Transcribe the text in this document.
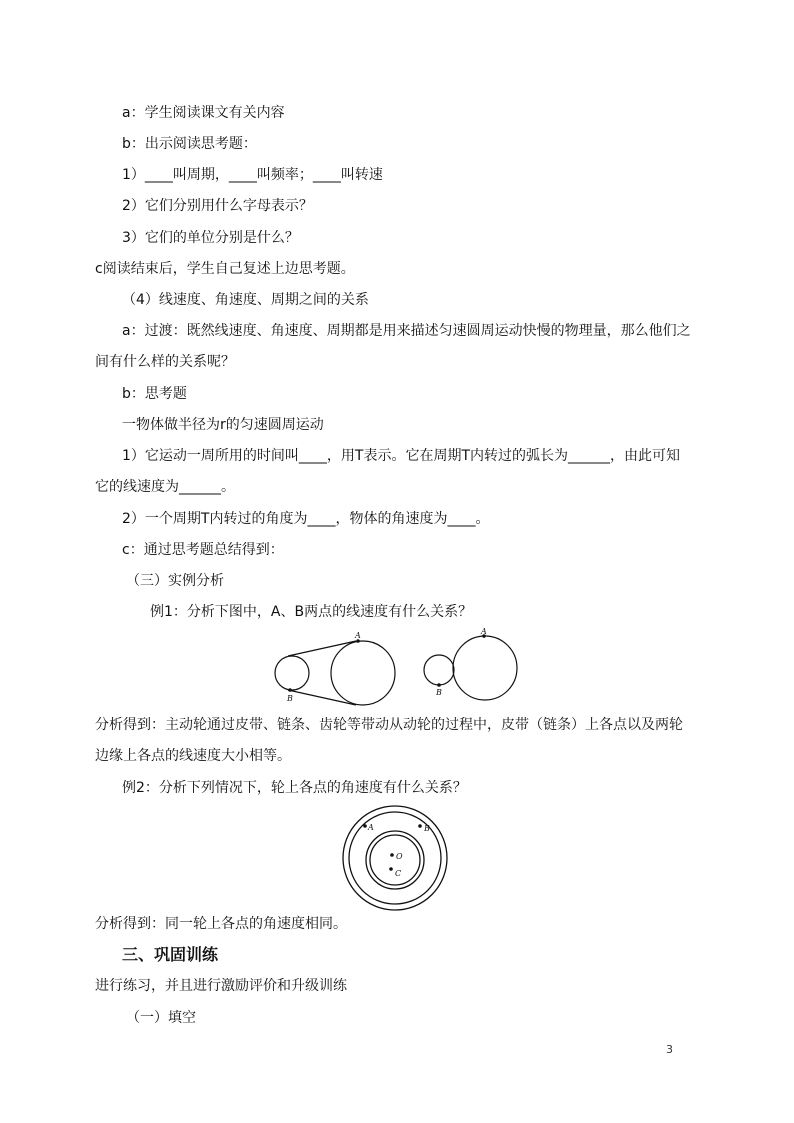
a：学生阅读课文有关内容
b：出示阅读思考题：
1）____叫周期，____叫频率；____叫转速
2）它们分别用什么字母表示？
3）它们的单位分别是什么？
c阅读结束后，学生自己复述上边思考题。
（4）线速度、角速度、周期之间的关系
a：过渡：既然线速度、角速度、周期都是用来描述匀速圆周运动快慢的物理量，那么他们之
间有什么样的关系呢？
b：思考题
一物体做半径为r的匀速圆周运动
1）它运动一周所用的时间叫____，用T表示。它在周期T内转过的弧长为______，由此可知
它的线速度为______。
2）一个周期T内转过的角度为____，物体的角速度为____。
c：通过思考题总结得到：
（三）实例分析
例1：分析下图中，A、B两点的线速度有什么关系？
A
B
A
B
分析得到：主动轮通过皮带、链条、齿轮等带动从动轮的过程中，皮带（链条）上各点以及两轮
边缘上各点的线速度大小相等。
例2：分析下列情况下，轮上各点的角速度有什么关系？
A	B
O
C
分析得到：同一轮上各点的角速度相同。
三、巩固训练
进行练习，并且进行激励评价和升级训练
（一）填空
3
